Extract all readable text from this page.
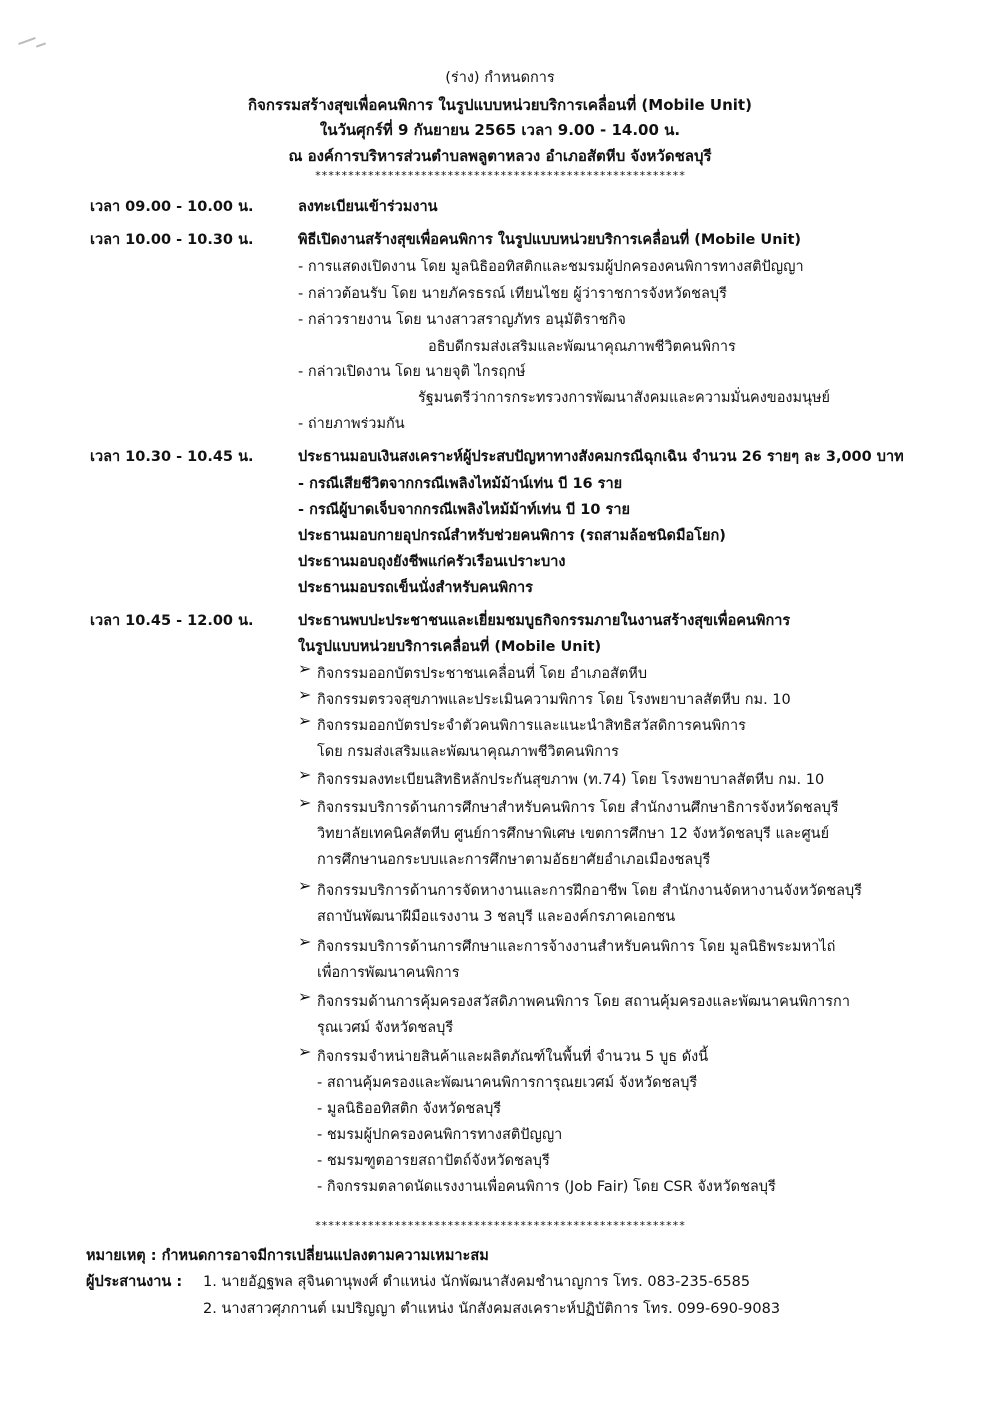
(ร่าง) กำหนดการ
กิจกรรมสร้างสุขเพื่อคนพิการ ในรูปแบบหน่วยบริการเคลื่อนที่ (Mobile Unit)
ในวันศุกร์ที่ 9 กันยายน 2565 เวลา 9.00 - 14.00 น.
ณ องค์การบริหารส่วนตำบลพลูตาหลวง อำเภอสัตหีบ จังหวัดชลบุรี
********************************************************
เวลา 09.00 - 10.00 น.	ลงทะเบียนเข้าร่วมงาน
เวลา 10.00 - 10.30 น.	พิธีเปิดงานสร้างสุขเพื่อคนพิการ ในรูปแบบหน่วยบริการเคลื่อนที่ (Mobile Unit)
- การแสดงเปิดงาน โดย มูลนิธิออทิสติกและชมรมผู้ปกครองคนพิการทางสติปัญญา
- กล่าวต้อนรับ โดย นายภัครธรณ์ เทียนไชย ผู้ว่าราชการจังหวัดชลบุรี
- กล่าวรายงาน โดย นางสาวสราญภัทร อนุมัติราชกิจ
อธิบดีกรมส่งเสริมและพัฒนาคุณภาพชีวิตคนพิการ
- กล่าวเปิดงาน โดย นายจุติ ไกรฤกษ์
รัฐมนตรีว่าการกระทรวงการพัฒนาสังคมและความมั่นคงของมนุษย์
- ถ่ายภาพร่วมกัน
เวลา 10.30 - 10.45 น.	ประธานมอบเงินสงเคราะห์ผู้ประสบปัญหาทางสังคมกรณีฉุกเฉิน จำนวน 26 รายๆ ละ 3,000 บาท
- กรณีเสียชีวิตจากกรณีเพลิงไหม้ม้าน์เท่น บี 16 ราย
- กรณีผู้บาดเจ็บจากกรณีเพลิงไหม้ม้าท์เท่น บี 10 ราย
ประธานมอบกายอุปกรณ์สำหรับช่วยคนพิการ (รถสามล้อชนิดมือโยก)
ประธานมอบถุงยังชีพแก่ครัวเรือนเปราะบาง
ประธานมอบรถเข็นนั่งสำหรับคนพิการ
เวลา 10.45 - 12.00 น.	ประธานพบปะประชาชนและเยี่ยมชมบูธกิจกรรมภายในงานสร้างสุขเพื่อคนพิการ
ในรูปแบบหน่วยบริการเคลื่อนที่ (Mobile Unit)
➢ กิจกรรมออกบัตรประชาชนเคลื่อนที่ โดย อำเภอสัตหีบ
➢ กิจกรรมตรวจสุขภาพและประเมินความพิการ โดย โรงพยาบาลสัตหีบ กม. 10
➢ กิจกรรมออกบัตรประจำตัวคนพิการและแนะนำสิทธิสวัสดิการคนพิการ
โดย กรมส่งเสริมและพัฒนาคุณภาพชีวิตคนพิการ
➢ กิจกรรมลงทะเบียนสิทธิหลักประกันสุขภาพ (ท.74) โดย โรงพยาบาลสัตหีบ กม. 10
➢ กิจกรรมบริการด้านการศึกษาสำหรับคนพิการ โดย สำนักงานศึกษาธิการจังหวัดชลบุรี
วิทยาลัยเทคนิคสัตหีบ ศูนย์การศึกษาพิเศษ เขตการศึกษา 12 จังหวัดชลบุรี และศูนย์
การศึกษานอกระบบและการศึกษาตามอัธยาศัยอำเภอเมืองชลบุรี
➢ กิจกรรมบริการด้านการจัดหางานและการฝึกอาชีพ โดย สำนักงานจัดหางานจังหวัดชลบุรี
สถาบันพัฒนาฝีมือแรงงาน 3 ชลบุรี และองค์กรภาคเอกชน
➢ กิจกรรมบริการด้านการศึกษาและการจ้างงานสำหรับคนพิการ โดย มูลนิธิพระมหาไถ่
เพื่อการพัฒนาคนพิการ
➢ กิจกรรมด้านการคุ้มครองสวัสดิภาพคนพิการ โดย สถานคุ้มครองและพัฒนาคนพิการกา
รุณเวศม์ จังหวัดชลบุรี
➢ กิจกรรมจำหน่ายสินค้าและผลิตภัณฑ์ในพื้นที่ จำนวน 5 บูธ ดังนี้
- สถานคุ้มครองและพัฒนาคนพิการการุณยเวศม์ จังหวัดชลบุรี
- มูลนิธิออทิสติก จังหวัดชลบุรี
- ชมรมผู้ปกครองคนพิการทางสติปัญญา
- ชมรมฑูตอารยสถาปัตถ์จังหวัดชลบุรี
- กิจกรรมตลาดนัดแรงงานเพื่อคนพิการ (Job Fair) โดย CSR จังหวัดชลบุรี
********************************************************
หมายเหตุ : กำหนดการอาจมีการเปลี่ยนแปลงตามความเหมาะสม
ผู้ประสานงาน : 1. นายอัฏฐพล สุจินดานุพงศ์ ตำแหน่ง นักพัฒนาสังคมชำนาญการ โทร. 083-235-6585
2. นางสาวศุภกานต์ เมปริญญา ตำแหน่ง นักสังคมสงเคราะห์ปฏิบัติการ โทร. 099-690-9083
